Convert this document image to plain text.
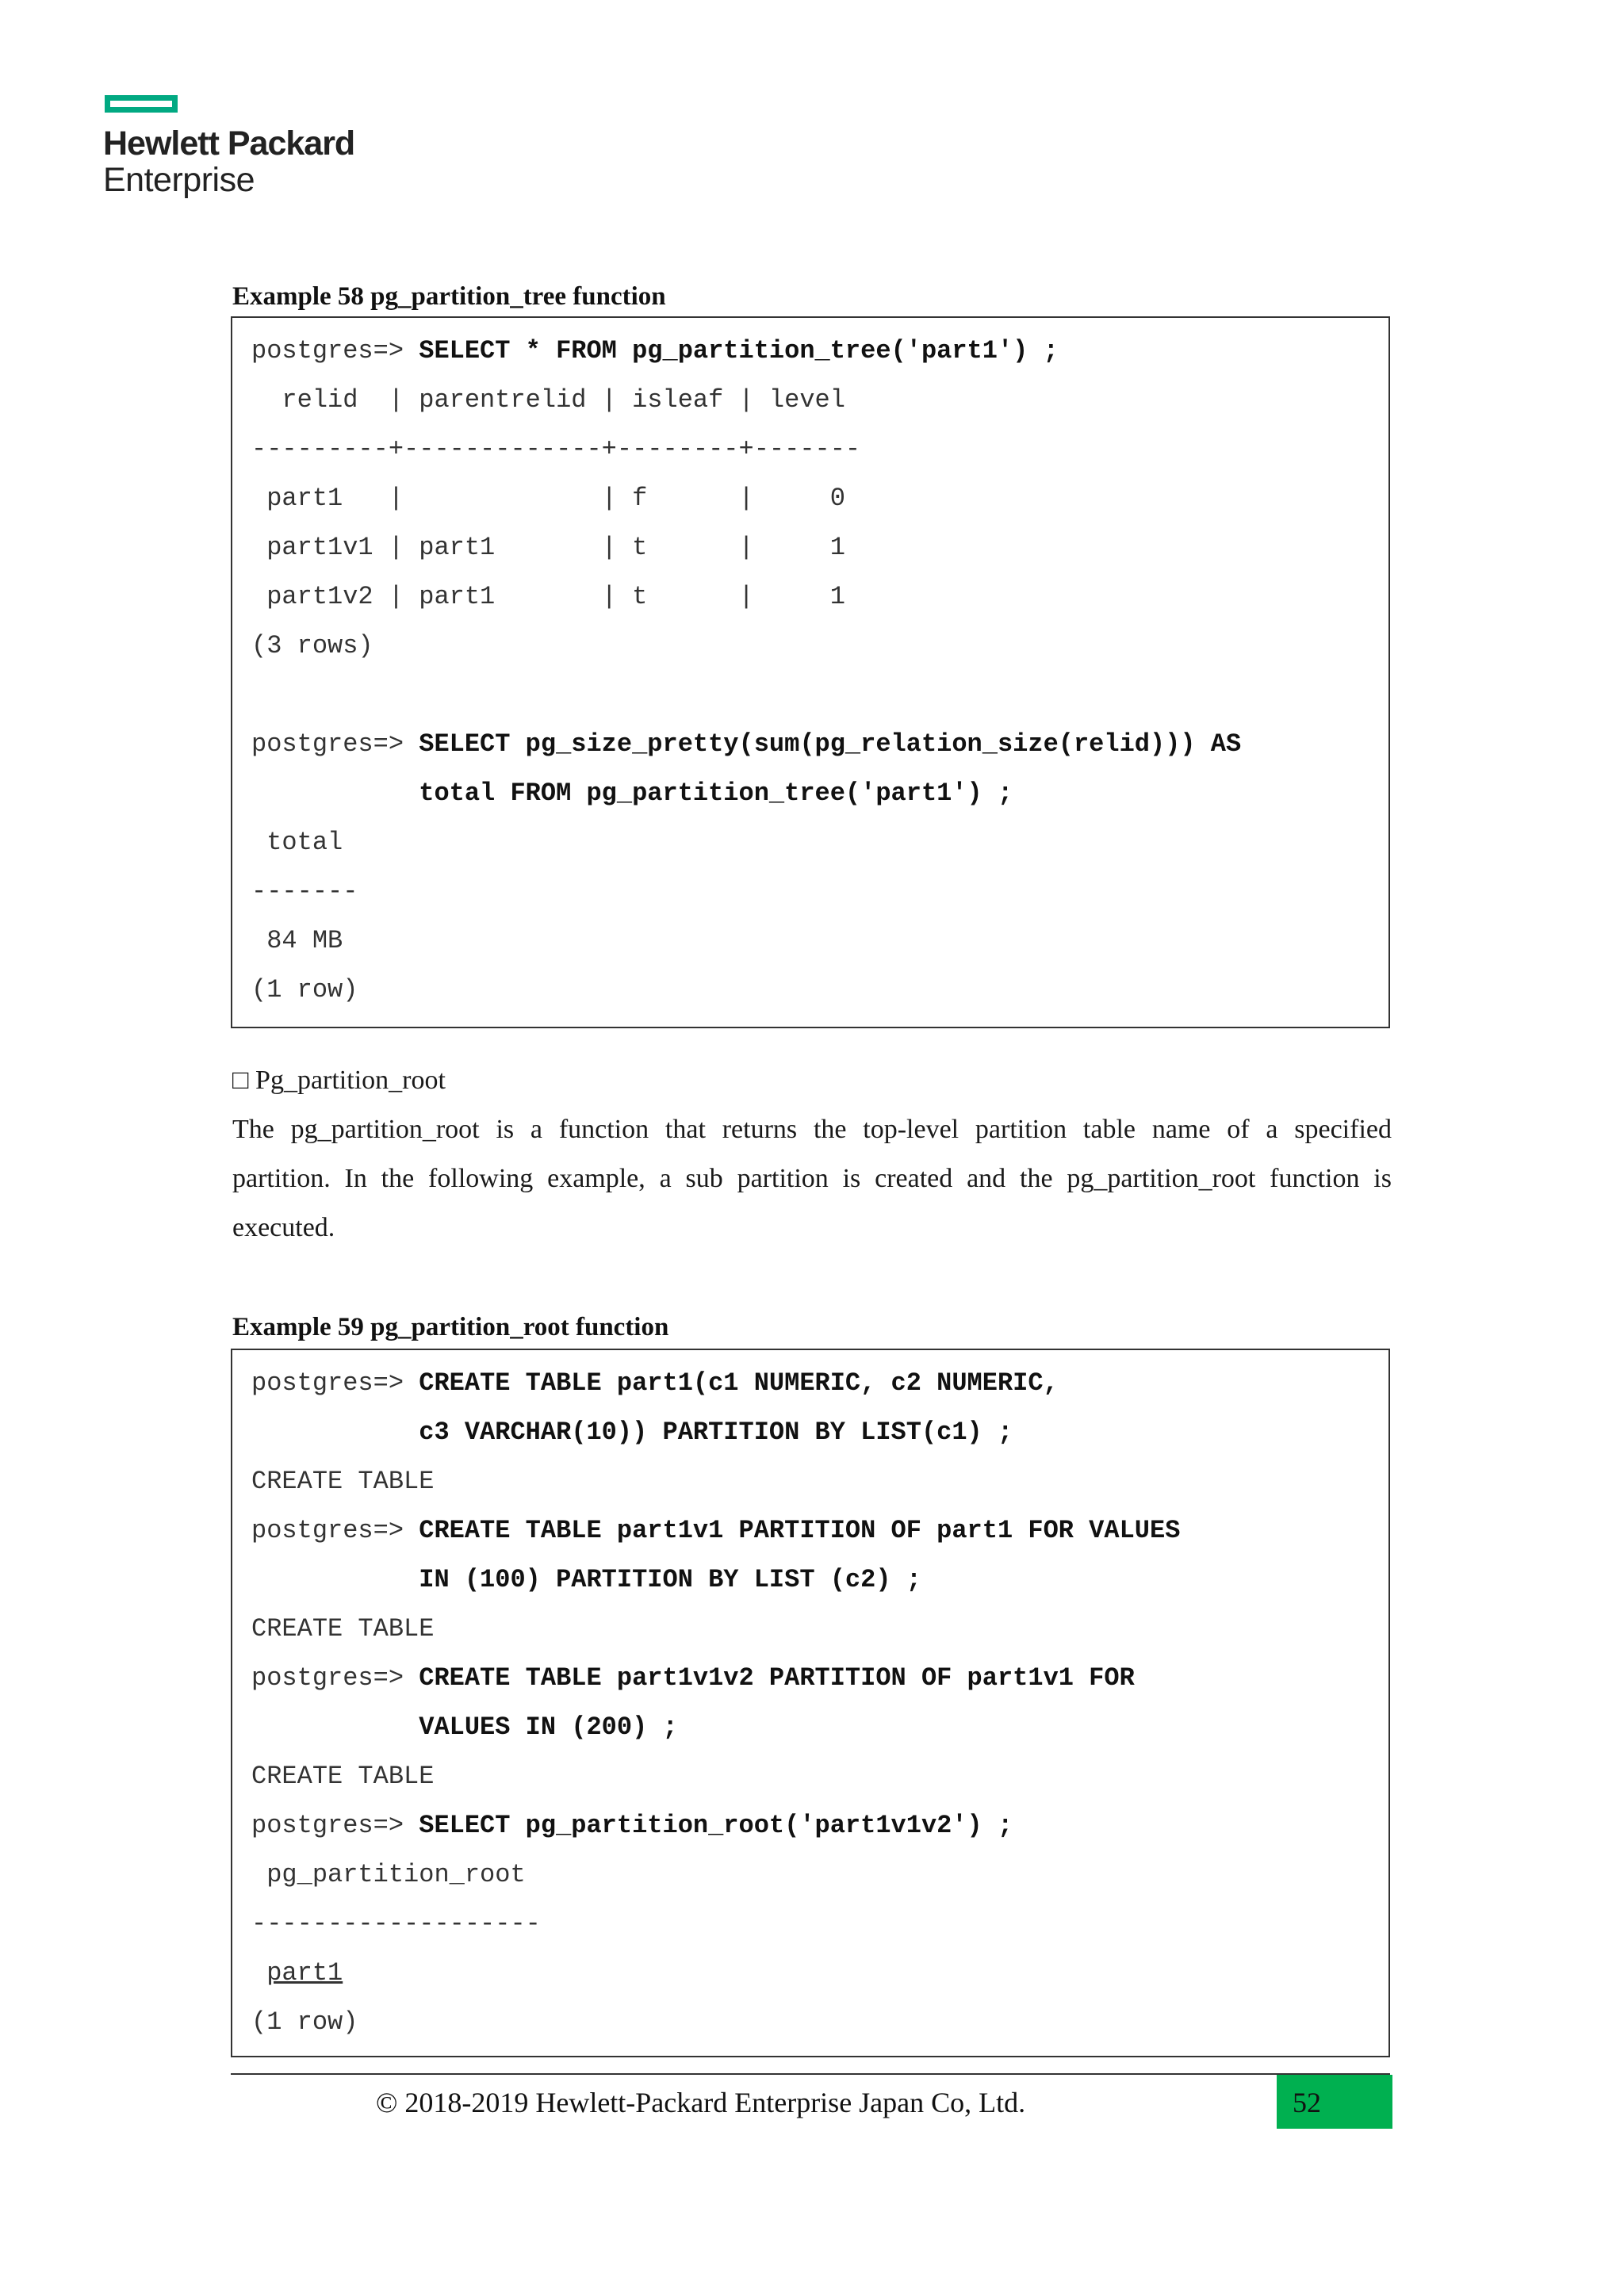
Hewlett Packard
Enterprise
Example 58 pg_partition_tree function
postgres=> SELECT * FROM pg_partition_tree('part1') ;
relid  | parentrelid | isleaf | level
---------+-------------+--------+-------
part1   |             | f      |     0
part1v1 | part1       | t      |     1
part1v2 | part1       | t      |     1
(3 rows)
postgres=> SELECT pg_size_pretty(sum(pg_relation_size(relid))) AS
total FROM pg_partition_tree('part1') ;
total
-------
84 MB
(1 row)
□ Pg_partition_root
The pg_partition_root is a function that returns the top-level partition table name of a specified
partition. In the following example, a sub partition is created and the pg_partition_root function is
executed.
Example 59 pg_partition_root function
postgres=> CREATE TABLE part1(c1 NUMERIC, c2 NUMERIC,
c3 VARCHAR(10)) PARTITION BY LIST(c1) ;
CREATE TABLE
postgres=> CREATE TABLE part1v1 PARTITION OF part1 FOR VALUES
IN (100) PARTITION BY LIST (c2) ;
CREATE TABLE
postgres=> CREATE TABLE part1v1v2 PARTITION OF part1v1 FOR
VALUES IN (200) ;
CREATE TABLE
postgres=> SELECT pg_partition_root('part1v1v2') ;
pg_partition_root
-------------------
part1
(1 row)
© 2018-2019 Hewlett-Packard Enterprise Japan Co, Ltd.	52
